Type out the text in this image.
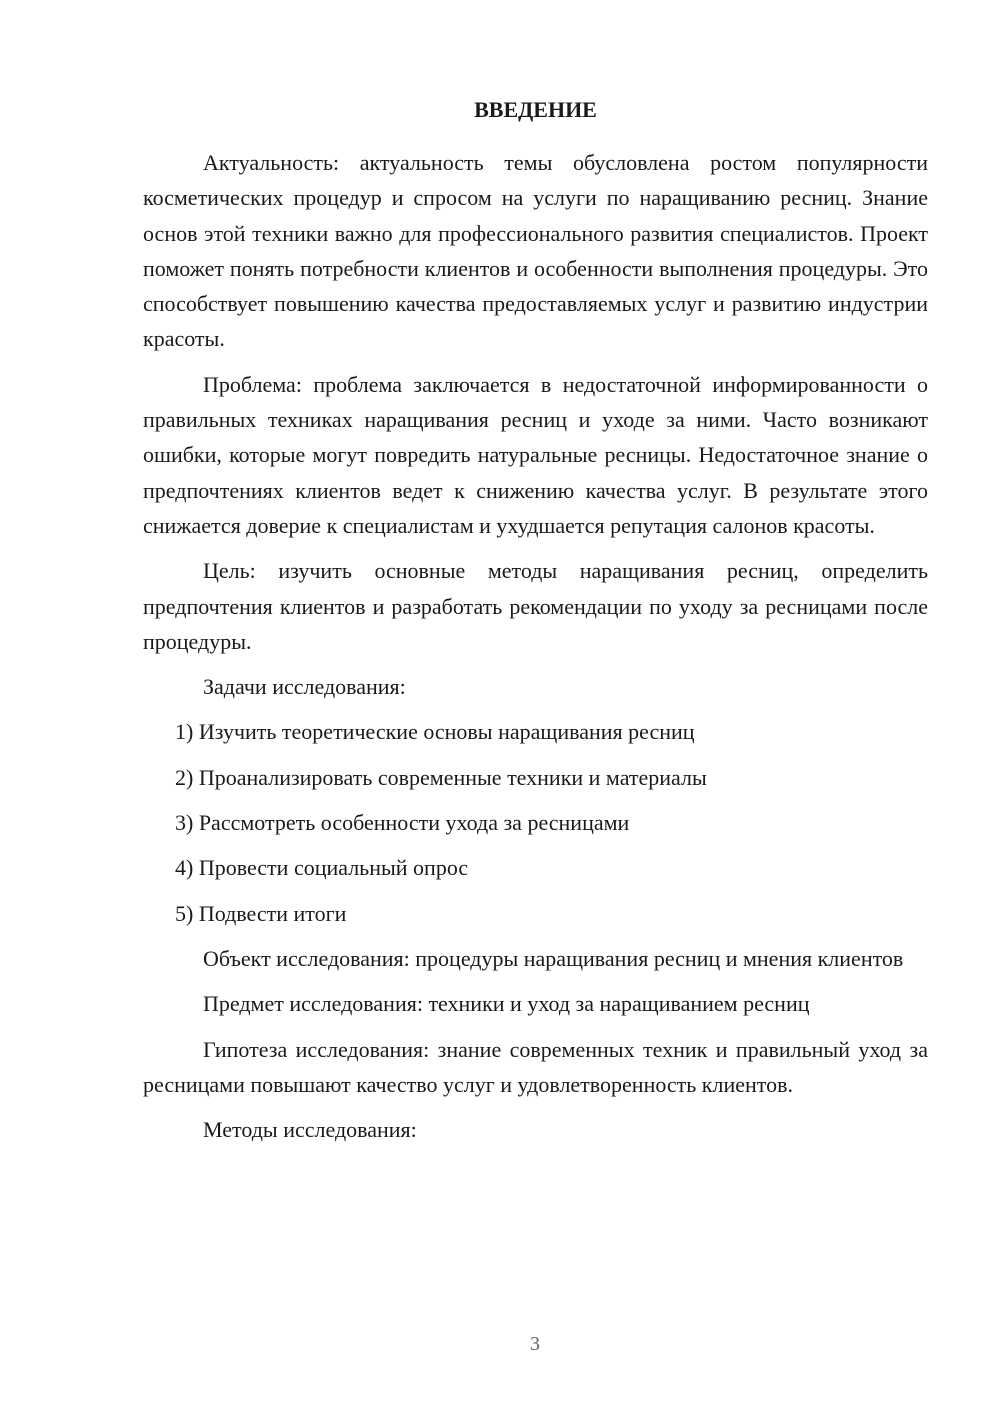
ВВЕДЕНИЕ

Актуальность: актуальность темы обусловлена ростом популярности косметических процедур и спросом на услуги по наращиванию ресниц. Знание основ этой техники важно для профессионального развития специалистов. Проект поможет понять потребности клиентов и особенности выполнения процедуры. Это способствует повышению качества предоставляемых услуг и развитию индустрии красоты.

Проблема: проблема заключается в недостаточной информированности о правильных техниках наращивания ресниц и уходе за ними. Часто возникают ошибки, которые могут повредить натуральные ресницы. Недостаточное знание о предпочтениях клиентов ведет к снижению качества услуг. В результате этого снижается доверие к специалистам и ухудшается репутация салонов красоты.

Цель: изучить основные методы наращивания ресниц, определить предпочтения клиентов и разработать рекомендации по уходу за ресницами после процедуры.

Задачи исследования:

1) Изучить теоретические основы наращивания ресниц

2) Проанализировать современные техники и материалы

3) Рассмотреть особенности ухода за ресницами

4) Провести социальный опрос

5) Подвести итоги

Объект исследования: процедуры наращивания ресниц и мнения клиентов

Предмет исследования: техники и уход за наращиванием ресниц

Гипотеза исследования: знание современных техник и правильный уход за ресницами повышают качество услуг и удовлетворенность клиентов.

Методы исследования:

3
